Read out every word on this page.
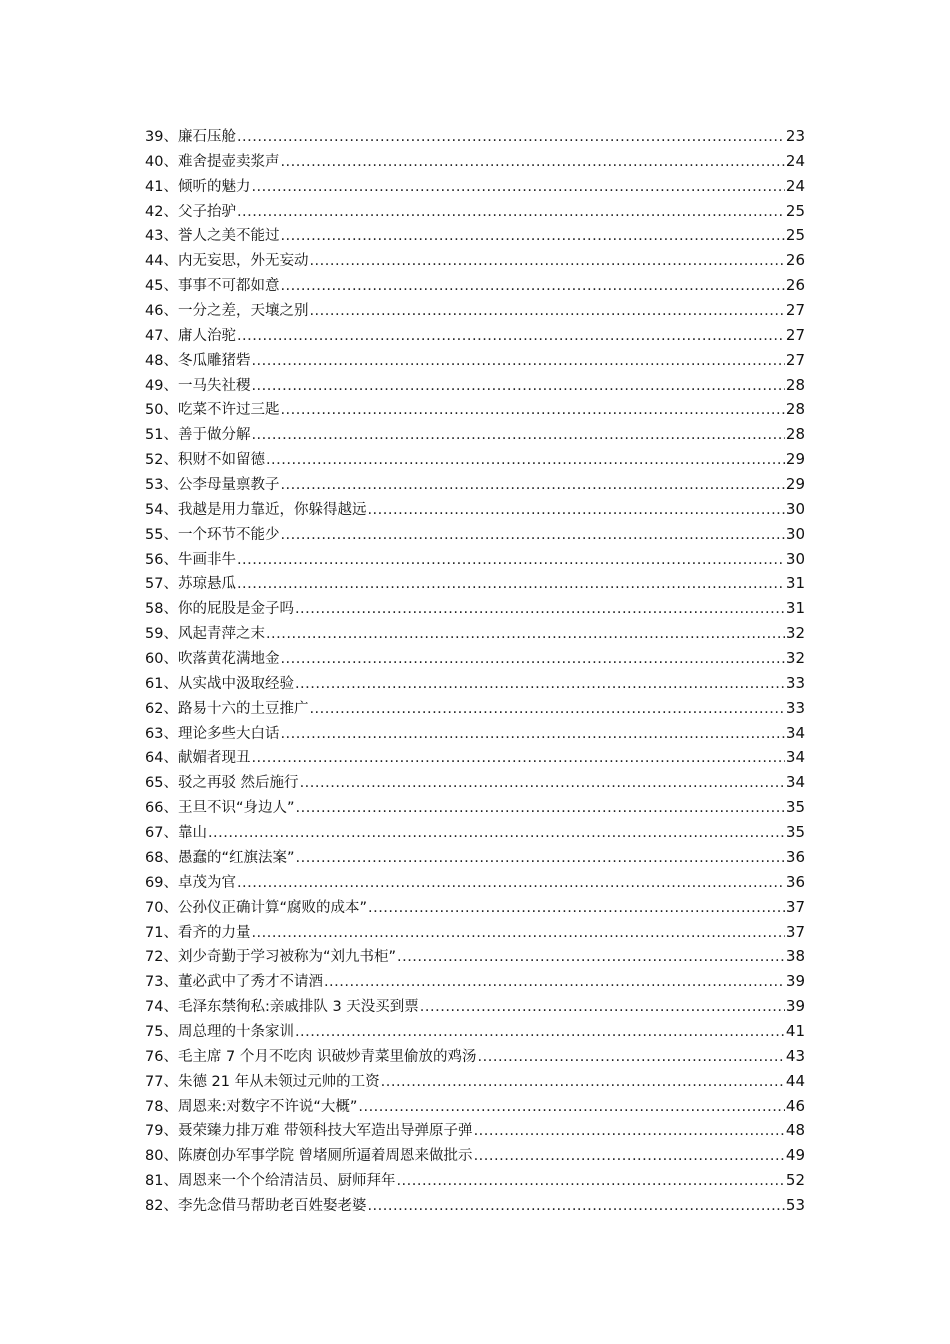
39、廉石压舱 .....	23
40、难舍提壶卖浆声 .....	24
41、倾听的魅力 .....	24
42、父子抬驴 .....	25
43、誉人之美不能过 .....	25
44、内无妄思，外无妄动 .....	26
45、事事不可都如意 .....	26
46、一分之差，天壤之别 .....	27
47、庸人治驼 .....	27
48、冬瓜雕猪砦 .....	27
49、一马失社稷 .....	28
50、吃菜不许过三匙 .....	28
51、善于做分解 .....	28
52、积财不如留德 .....	29
53、公李母量禀教子 .....	29
54、我越是用力靠近，你躲得越远 .....	30
55、一个环节不能少 .....	30
56、牛画非牛 .....	30
57、苏琼悬瓜 .....	31
58、你的屁股是金子吗 .....	31
59、风起青萍之末 .....	32
60、吹落黄花满地金 .....	32
61、从实战中汲取经验 .....	33
62、路易十六的土豆推广 .....	33
63、理论多些大白话 .....	34
64、献媚者现丑 .....	34
65、驳之再驳 然后施行 .....	34
66、王旦不识“身边人” .....	35
67、靠山 .....	35
68、愚蠢的“红旗法案” .....	36
69、卓茂为官 .....	36
70、公孙仪正确计算“腐败的成本” .....	37
71、看齐的力量 .....	37
72、刘少奇勤于学习被称为“刘九书柜” .....	38
73、董必武中了秀才不请酒 .....	39
74、毛泽东禁徇私:亲戚排队 3 天没买到票 .....	39
75、周总理的十条家训 .....	41
76、毛主席 7 个月不吃肉 识破炒青菜里偷放的鸡汤 .....	43
77、朱德 21 年从未领过元帅的工资 .....	44
78、周恩来:对数字不许说“大概” .....	46
79、聂荣臻力排万难 带领科技大军造出导弹原子弹 .....	48
80、陈赓创办军事学院 曾堵厕所逼着周恩来做批示 .....	49
81、周恩来一个个给清洁员、厨师拜年 .....	52
82、李先念借马帮助老百姓娶老婆 .....	53
